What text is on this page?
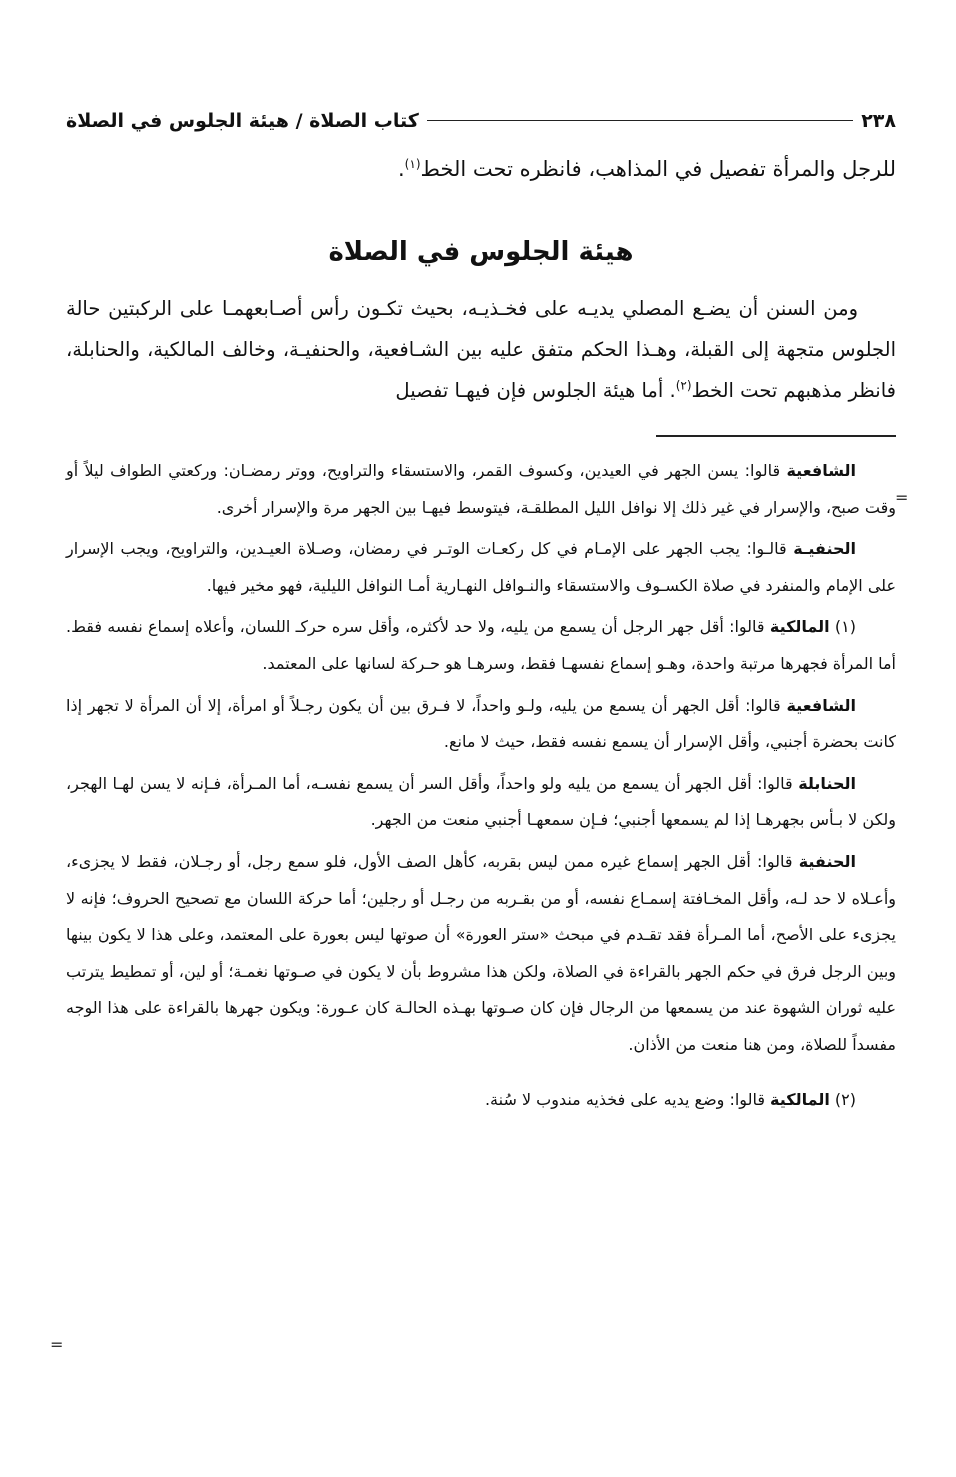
٢٣٨
كتاب الصلاة / هيئة الجلوس في الصلاة
للرجل والمرأة تفصيل في المذاهب، فانظره تحت الخط$^{(١)}$.
هيئة الجلوس في الصلاة

ومن السنن أن يضـع المصلي يديـه على فخـذيـه، بحيث تكـون رأس أصـابعهمـا على الركبتين حالة الجلوس متجهة إلى القبلة، وهـذا الحكم متفق عليه بين الشـافعية، والحنفيـة، وخالف المالكية، والحنابلة، فانظر مذهبهم تحت الخط$^{(٢)}$. أما هيئة الجلوس فإن فيهـا تفصيل

الشافعية قالوا: يسن الجهر في العيدين، وكسوف القمر، والاستسقاء والتراويح، ووتر رمضـان: وركعتي الطواف ليلاً أو وقت صبح، والإسرار في غير ذلك إلا نوافل الليل المطلقـة، فيتوسط فيهـا بين الجهر مرة والإسرار أخرى.

الحنفيـة قالـوا: يجب الجهر على الإمـام في كل ركعـات الوتـر في رمضان، وصـلاة العيـدين، والتراويح، ويجب الإسرار على الإمام والمنفرد في صلاة الكسـوف والاستسقاء والنـوافل النهـارية أمـا النوافل الليلية، فهو مخير فيها.

(١) المالكية قالوا: أقل جهر الرجل أن يسمع من يليه، ولا حد لأكثره، وأقل سره حركـ اللسان، وأعلاه إسماع نفسه فقط. أما المرأة فجهرها مرتبة واحدة، وهـو إسماع نفسهـا فقط، وسرهـا هو حـركة لسانها على المعتمد.

الشافعية قالوا: أقل الجهر أن يسمع من يليه، ولـو واحداً، لا فـرق بين أن يكون رجـلاً أو امرأة، إلا أن المرأة لا تجهر إذا كانت بحضرة أجنبي، وأقل الإسرار أن يسمع نفسه فقط، حيث لا مانع.

الحنابلة قالوا: أقل الجهر أن يسمع من يليه ولو واحداً، وأقل السر أن يسمع نفسـه، أما المـرأة، فـإنه لا يسن لهـا الهجر، ولكن لا بـأس بجهرهـا إذا لم يسمعها أجنبي؛ فـإن سمعهـا أجنبي منعت من الجهر.

الحنفية قالوا: أقل الجهر إسماع غيره ممن ليس بقربه، كأهل الصف الأول، فلو سمع رجل، أو رجـلان، فقط لا يجزىء، وأعـلاه لا حد لـه، وأقل المخـافتة إسمـاع نفسه، أو من بقـربه من رجـل أو رجلين؛ أما حركة اللسان مع تصحيح الحروف؛ فإنه لا يجزىء على الأصح، أما المـرأة فقد تقـدم في مبحث «ستر العورة» أن صوتها ليس بعورة على المعتمد، وعلى هذا لا يكون بينها وبين الرجل فرق في حكم الجهر بالقراءة في الصلاة، ولكن هذا مشروط بأن لا يكون في صـوتها نغمـة؛ أو لين، أو تمطيط يترتب عليه ثوران الشهوة عند من يسمعها من الرجال فإن كان صـوتها بهـذه الحالـة كان عـورة: ويكون جهرها بالقراءة على هذا الوجه مفسداً للصلاة، ومن هنا منعت من الأذان.

(٢) المالكية قالوا: وضع يديه على فخذيه مندوب لا سُنة.

=
=
